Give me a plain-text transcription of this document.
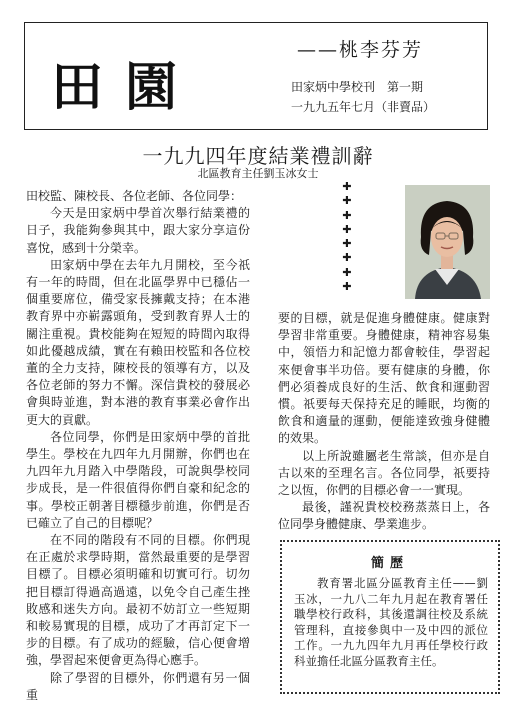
田園
——桃李芬芳
田家炳中學校刊　第一期
一九九五年七月（非賣品）
一九九四年度結業禮訓辭
北區教育主任劉玉冰女士

田校監、陳校長、各位老師、各位同學：

今天是田家炳中學首次舉行結業禮的日子，我能夠參與其中，跟大家分享這份喜悅，感到十分榮幸。

田家炳中學在去年九月開校，至今祇有一年的時間，但在北區學界中已穩佔一個重要席位，備受家長擁戴支持；在本港教育界中亦嶄露頭角，受到教育界人士的關注重視。貴校能夠在短短的時間內取得如此優越成績，實在有賴田校監和各位校董的全力支持，陳校長的領導有方，以及各位老師的努力不懈。深信貴校的發展必會與時並進，對本港的教育事業必會作出更大的貢獻。

各位同學，你們是田家炳中學的首批學生。學校在九四年九月開辦，你們也在九四年九月踏入中學階段，可說與學校同步成長，是一件很值得你們自豪和紀念的事。學校正朝著目標穩步前進，你們是否已確立了自己的目標呢？

在不同的階段有不同的目標。你們現在正處於求學時期，當然最重要的是學習目標了。目標必須明確和切實可行。切勿把目標訂得過高過遠，以免令自己產生挫敗感和迷失方向。最初不妨訂立一些短期和較易實現的目標，成功了才再訂定下一步的目標。有了成功的經驗，信心便會增強，學習起來便會更為得心應手。

除了學習的目標外，你們還有另一個重

✚
✚
✚
✚
✚
✚
✚
✚

要的目標，就是促進身體健康。健康對學習非常重要。身體健康，精神容易集中，領悟力和記憶力都會較佳，學習起來便會事半功倍。要有健康的身體，你們必須養成良好的生活、飲食和運動習慣。祇要每天保持充足的睡眠，均衡的飲食和適量的運動，便能達致強身健體的效果。

以上所說雖屬老生常談，但亦是自古以來的至理名言。各位同學，祇要持之以恆，你們的目標必會一一實現。

最後，謹祝貴校校務蒸蒸日上，各位同學身體健康、學業進步。

簡歷
教育署北區分區教育主任——劉玉冰，一九八二年九月起在教育署任職學校行政科，其後還調往校及系統管理科，直接參與中一及中四的派位工作。一九九四年九月再任學校行政科並擔任北區分區教育主任。
